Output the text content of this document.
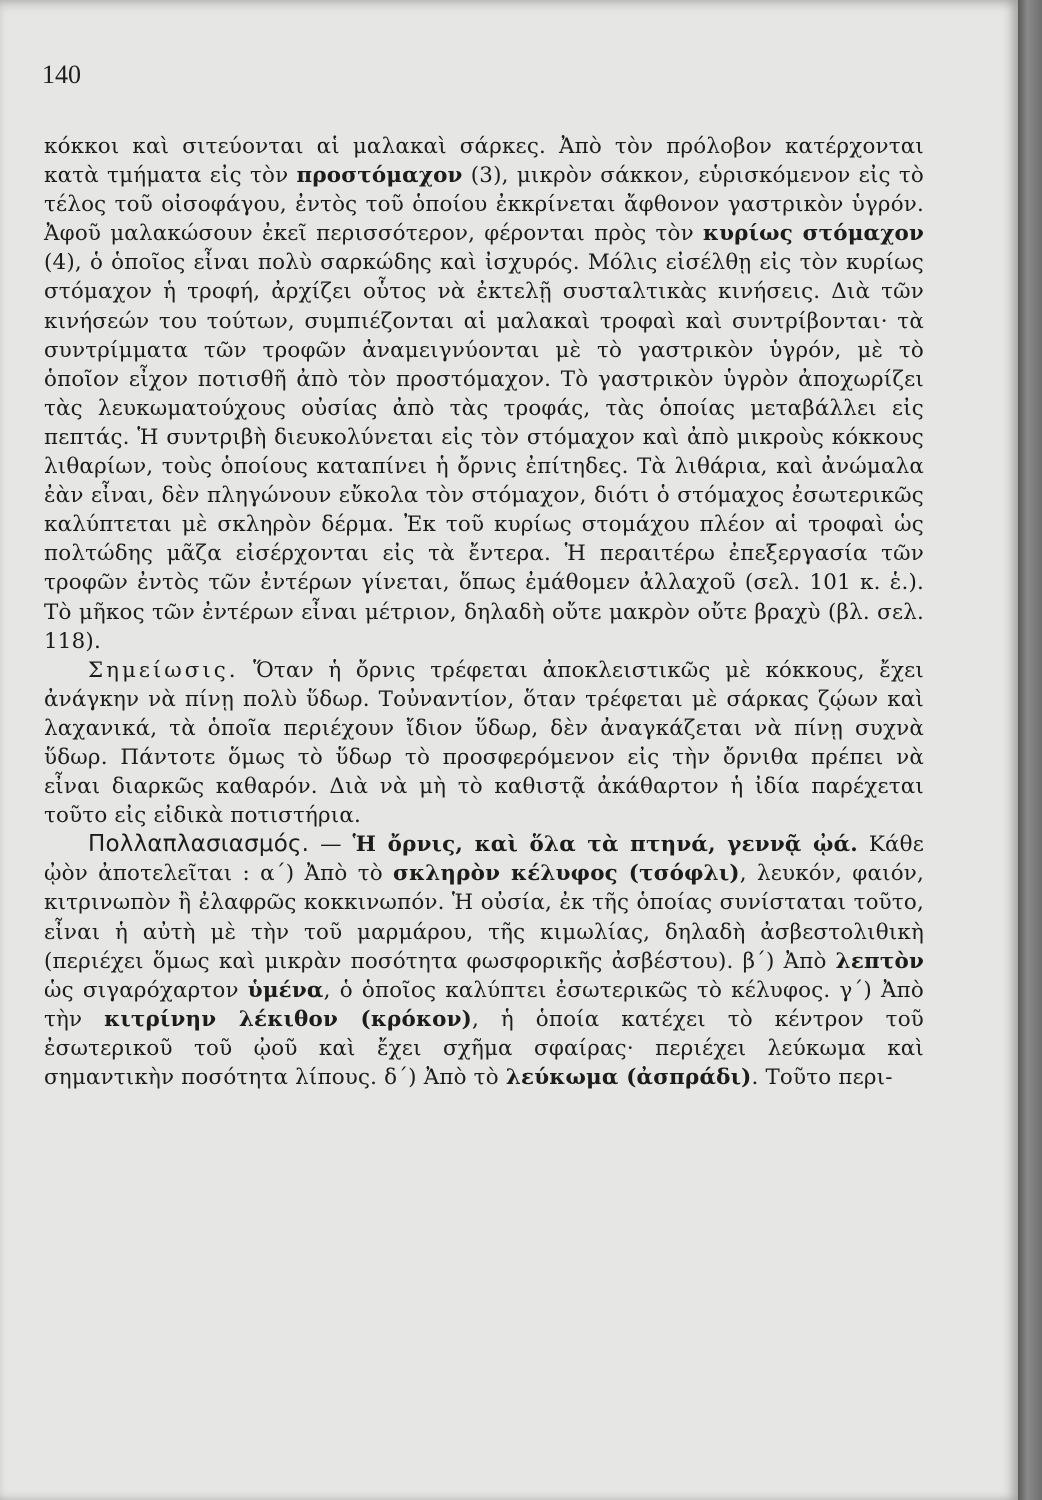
140

κόκκοι καὶ σιτεύονται αἱ μαλακαὶ σάρκες. Ἀπὸ τὸν πρόλοβον κατέρχονται κατὰ τμήματα εἰς τὸν προστόμαχον (3), μικρὸν σάκκον, εὑρισκόμενον εἰς τὸ τέλος τοῦ οἰσοφάγου, ἐντὸς τοῦ ὁποίου ἐκκρίνεται ἄφθονον γαστρικὸν ὑγρόν. Ἀφοῦ μαλακώσουν ἐκεῖ περισσότερον, φέρονται πρὸς τὸν κυρίως στόμαχον (4), ὁ ὁποῖος εἶναι πολὺ σαρκώδης καὶ ἰσχυρός. Μόλις εἰσέλθῃ εἰς τὸν κυρίως στόμαχον ἡ τροφή, ἀρχίζει οὗτος νὰ ἐκτελῇ συσταλτικὰς κινήσεις. Διὰ τῶν κινήσεών του τούτων, συμπιέζονται αἱ μαλακαὶ τροφαὶ καὶ συντρίβονται· τὰ συντρίμματα τῶν τροφῶν ἀναμειγνύονται μὲ τὸ γαστρικὸν ὑγρόν, μὲ τὸ ὁποῖον εἶχον ποτισθῆ ἀπὸ τὸν προστόμαχον. Τὸ γαστρικὸν ὑγρὸν ἀποχωρίζει τὰς λευκωματούχους οὐσίας ἀπὸ τὰς τροφάς, τὰς ὁποίας μεταβάλλει εἰς πεπτάς. Ἡ συντριβὴ διευκολύνεται εἰς τὸν στόμαχον καὶ ἀπὸ μικροὺς κόκκους λιθαρίων, τοὺς ὁποίους καταπίνει ἡ ὄρνις ἐπίτηδες. Τὰ λιθάρια, καὶ ἀνώμαλα ἐὰν εἶναι, δὲν πληγώνουν εὔκολα τὸν στόμαχον, διότι ὁ στόμαχος ἐσωτερικῶς καλύπτεται μὲ σκληρὸν δέρμα. Ἐκ τοῦ κυρίως στομάχου πλέον αἱ τροφαὶ ὡς πολτώδης μᾶζα εἰσέρχονται εἰς τὰ ἔντερα. Ἡ περαιτέρω ἐπεξεργασία τῶν τροφῶν ἐντὸς τῶν ἐντέρων γίνεται, ὅπως ἐμάθομεν ἀλλαχοῦ (σελ. 101 κ. ἑ.). Τὸ μῆκος τῶν ἐντέρων εἶναι μέτριον, δηλαδὴ οὔτε μακρὸν οὔτε βραχὺ (βλ. σελ. 118).

Σημείωσις. Ὅταν ἡ ὄρνις τρέφεται ἀποκλειστικῶς μὲ κόκκους, ἔχει ἀνάγκην νὰ πίνῃ πολὺ ὕδωρ. Τοὐναντίον, ὅταν τρέφεται μὲ σάρκας ζῴων καὶ λαχανικά, τὰ ὁποῖα περιέχουν ἴδιον ὕδωρ, δὲν ἀναγκάζεται νὰ πίνῃ συχνὰ ὕδωρ. Πάντοτε ὅμως τὸ ὕδωρ τὸ προσφερόμενον εἰς τὴν ὄρνιθα πρέπει νὰ εἶναι διαρκῶς καθαρόν. Διὰ νὰ μὴ τὸ καθιστᾷ ἀκάθαρτον ἡ ἰδία παρέχεται τοῦτο εἰς εἰδικὰ ποτιστήρια.

Πολλαπλασιασμός. — Ἡ ὄρνις, καὶ ὅλα τὰ πτηνά, γεννᾷ ᾠά. Κάθε ᾠὸν ἀποτελεῖται : α΄) Ἀπὸ τὸ σκληρὸν κέλυφος (τσόφλι), λευκόν, φαιόν, κιτρινωπὸν ἢ ἐλαφρῶς κοκκινωπόν. Ἡ οὐσία, ἐκ τῆς ὁποίας συνίσταται τοῦτο, εἶναι ἡ αὐτὴ μὲ τὴν τοῦ μαρμάρου, τῆς κιμωλίας, δηλαδὴ ἀσβεστολιθικὴ (περιέχει ὅμως καὶ μικρὰν ποσότητα φωσφορικῆς ἀσβέστου). β΄) Ἀπὸ λεπτὸν ὡς σιγαρόχαρτον ὑμένα, ὁ ὁποῖος καλύπτει ἐσωτερικῶς τὸ κέλυφος. γ΄) Ἀπὸ τὴν κιτρίνην λέκιθον (κρόκον), ἡ ὁποία κατέχει τὸ κέντρον τοῦ ἐσωτερικοῦ τοῦ ᾠοῦ καὶ ἔχει σχῆμα σφαίρας· περιέχει λεύκωμα καὶ σημαντικὴν ποσότητα λίπους. δ΄) Ἀπὸ τὸ λεύκωμα (ἀσπράδι). Τοῦτο περι-
